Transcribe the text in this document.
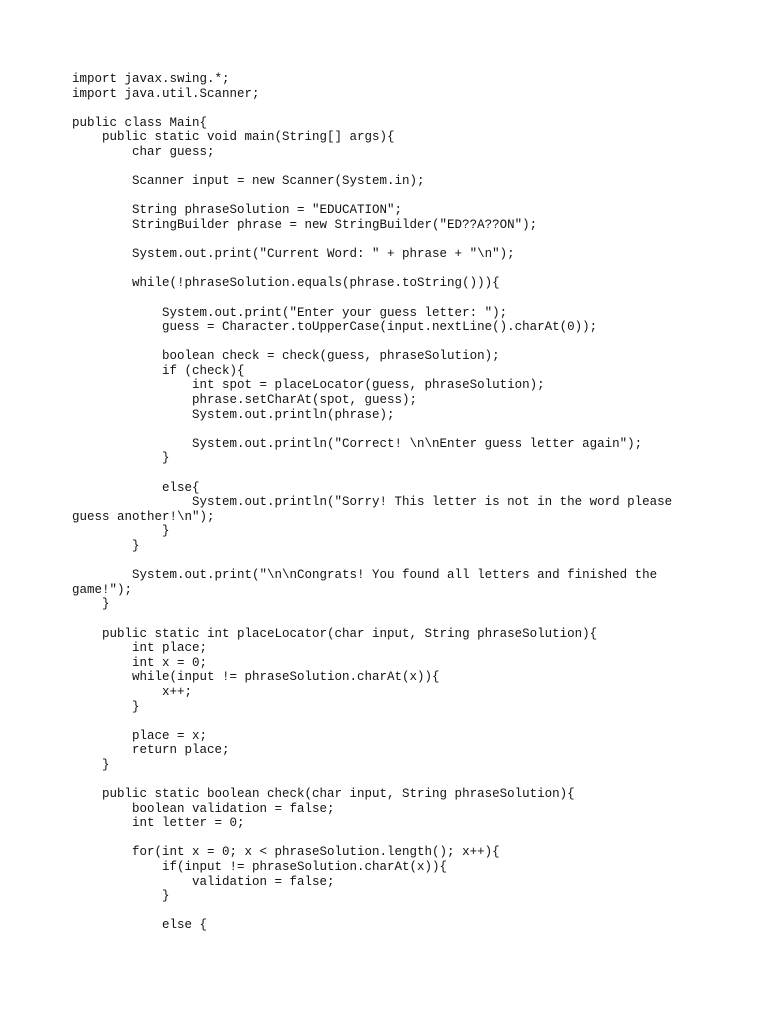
import javax.swing.*;
import java.util.Scanner;
public class Main{
public static void main(String[] args){
char guess;
Scanner input = new Scanner(System.in);
String phraseSolution = "EDUCATION";
StringBuilder phrase = new StringBuilder("ED??A??ON");
System.out.print("Current Word: " + phrase + "\n");
while(!phraseSolution.equals(phrase.toString())){
System.out.print("Enter your guess letter: ");
guess = Character.toUpperCase(input.nextLine().charAt(0));
boolean check = check(guess, phraseSolution);
if (check){
int spot = placeLocator(guess, phraseSolution);
phrase.setCharAt(spot, guess);
System.out.println(phrase);
System.out.println("Correct! \n\nEnter guess letter again");
}
else{
System.out.println("Sorry! This letter is not in the word please
guess another!\n");
}
}
System.out.print("\n\nCongrats! You found all letters and finished the
game!");
}
public static int placeLocator(char input, String phraseSolution){
int place;
int x = 0;
while(input != phraseSolution.charAt(x)){
x++;
}
place = x;
return place;
}
public static boolean check(char input, String phraseSolution){
boolean validation = false;
int letter = 0;
for(int x = 0; x < phraseSolution.length(); x++){
if(input != phraseSolution.charAt(x)){
validation = false;
}
else {
